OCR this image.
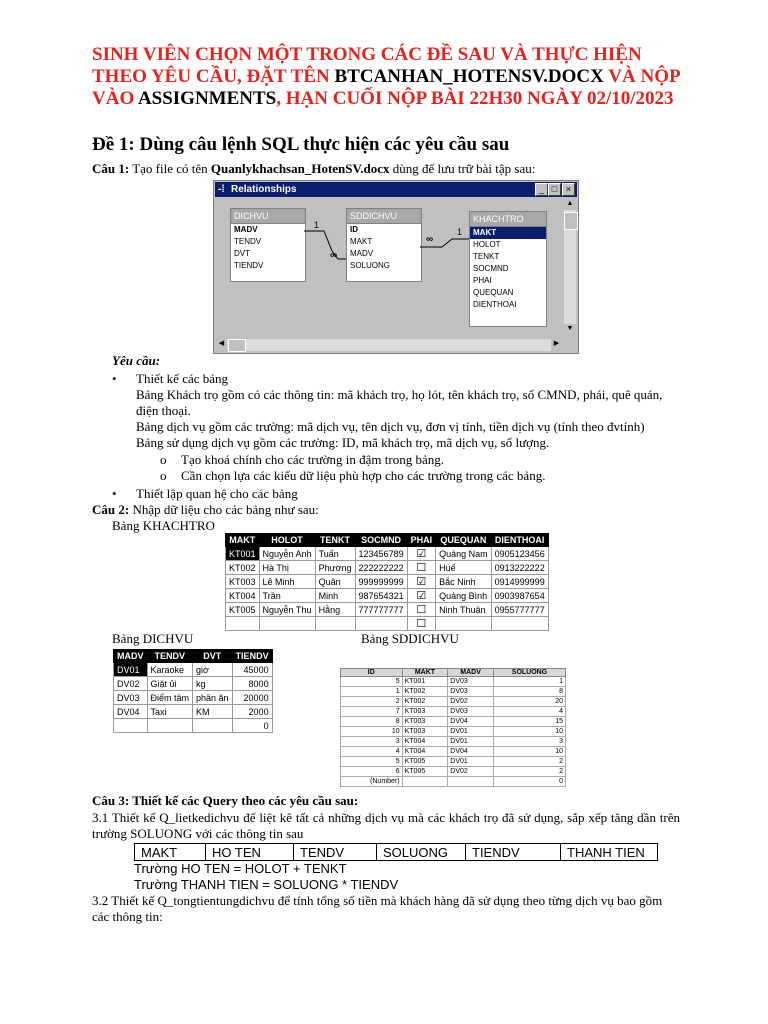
SINH VIÊN CHỌN MỘT TRONG CÁC ĐỀ SAU VÀ THỰC HIỆN
THEO YÊU CẦU, ĐẶT TÊN BTCANHAN_HOTENSV.DOCX VÀ NỘP
VÀO ASSIGNMENTS, HẠN CUỐI NỘP BÀI 22H30 NGÀY 02/10/2023
Đề 1: Dùng câu lệnh SQL thực hiện các yêu cầu sau
Câu 1: Tạo file có tên Quanlykhachsan_HotenSV.docx dùng để lưu trữ bài tập sau:
-⁞ Relationships	_ □ ×
DICHVU
MADV
TENDV
DVT
TIENDV
SDDICHVU
ID
MAKT
MADV
SOLUONG
KHACHTRO
MAKT
HOLOT
TENKT
SOCMND
PHAI
QUEQUAN
DIENTHOAI
1
∞
∞
1
▲
▼
◀	▶
Yêu cầu:
• Thiết kế các bảng
Bảng Khách trọ gồm có các thông tin: mã khách trọ, họ lót, tên khách trọ, số CMND, phái, quê quán, điện thoại.
Bảng dịch vụ gồm các trường: mã dịch vụ, tên dịch vụ, đơn vị tính, tiền dịch vụ (tính theo đvtính)
Bảng sử dụng dịch vụ gồm các trường: ID, mã khách trọ, mã dịch vụ, số lượng.
o Tạo khoá chính cho các trường in đậm trong bảng.
o Cần chọn lựa các kiểu dữ liệu phù hợp cho các trường trong các bảng.
• Thiết lập quan hệ cho các bảng
Câu 2: Nhập dữ liệu cho các bảng như sau:
Bảng KHACHTRO
MAKT	HOLOT	TENKT	SOCMND	PHAI	QUEQUAN	DIENTHOAI
KT001	Nguyễn Anh	Tuấn	123456789	☑	Quảng Nam	0905123456
KT002	Hà Thị	Phương	222222222	☐	Huế	0913222222
KT003	Lê Minh	Quân	999999999	☑	Bắc Ninh	0914999999
KT004	Trần	Minh	987654321	☑	Quảng Bình	0903987654
KT005	Nguyễn Thu	Hằng	777777777	☐	Ninh Thuận	0955777777
				☐		
Bảng DICHVU	Bảng SDDICHVU
MADV	TENDV	DVT	TIENDV
DV01	Karaoke	giờ	45000
DV02	Giặt ủi	kg	8000
DV03	Điểm tâm	phần ăn	20000
DV04	Taxi	KM	2000
			0
ID	MAKT	MADV	SOLUONG
5	KT001	DV03	1
1	KT002	DV03	8
2	KT002	DV02	20
7	KT003	DV03	4
8	KT003	DV04	15
10	KT003	DV01	10
3	KT004	DV01	3
4	KT004	DV04	10
5	KT005	DV01	2
6	KT005	DV02	2
(Number)			0
Câu 3: Thiết kế các Query theo các yêu cầu sau:
3.1 Thiết kế Q_lietkedichvu để liệt kê tất cả những dịch vụ mà các khách trọ đã sử dụng, sắp xếp tăng dần trên trường SOLUONG với các thông tin sau
MAKT	HO TEN	TENDV	SOLUONG	TIENDV	THANH TIEN
Trường HO TEN = HOLOT + TENKT
Trường THANH TIEN = SOLUONG * TIENDV
3.2 Thiết kế Q_tongtientungdichvu để tính tổng số tiền mà khách hàng đã sử dụng theo từng dịch vụ bao gồm các thông tin:
